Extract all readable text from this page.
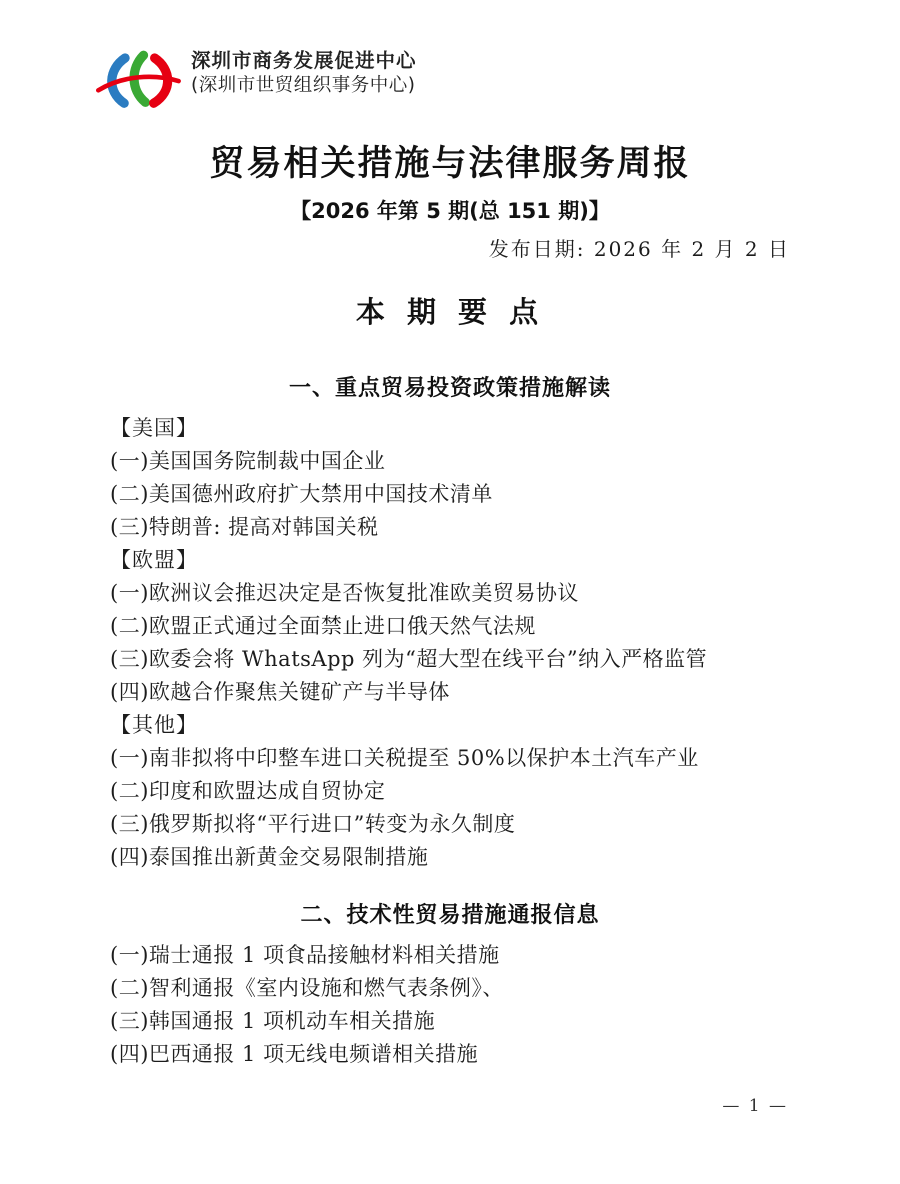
深圳市商务发展促进中心
(深圳市世贸组织事务中心)
贸易相关措施与法律服务周报
【2026 年第 5 期(总 151 期)】
发布日期: 2026 年 2 月 2 日
本 期 要 点
一、重点贸易投资政策措施解读
【美国】
(一)美国国务院制裁中国企业
(二)美国德州政府扩大禁用中国技术清单
(三)特朗普: 提高对韩国关税
【欧盟】
(一)欧洲议会推迟决定是否恢复批准欧美贸易协议
(二)欧盟正式通过全面禁止进口俄天然气法规
(三)欧委会将 WhatsApp 列为“超大型在线平台”纳入严格监管
(四)欧越合作聚焦关键矿产与半导体
【其他】
(一)南非拟将中印整车进口关税提至 50%以保护本土汽车产业
(二)印度和欧盟达成自贸协定
(三)俄罗斯拟将“平行进口”转变为永久制度
(四)泰国推出新黄金交易限制措施
二、技术性贸易措施通报信息
(一)瑞士通报 1 项食品接触材料相关措施
(二)智利通报《室内设施和燃气表条例》、
(三)韩国通报 1 项机动车相关措施
(四)巴西通报 1 项无线电频谱相关措施
— 1 —
